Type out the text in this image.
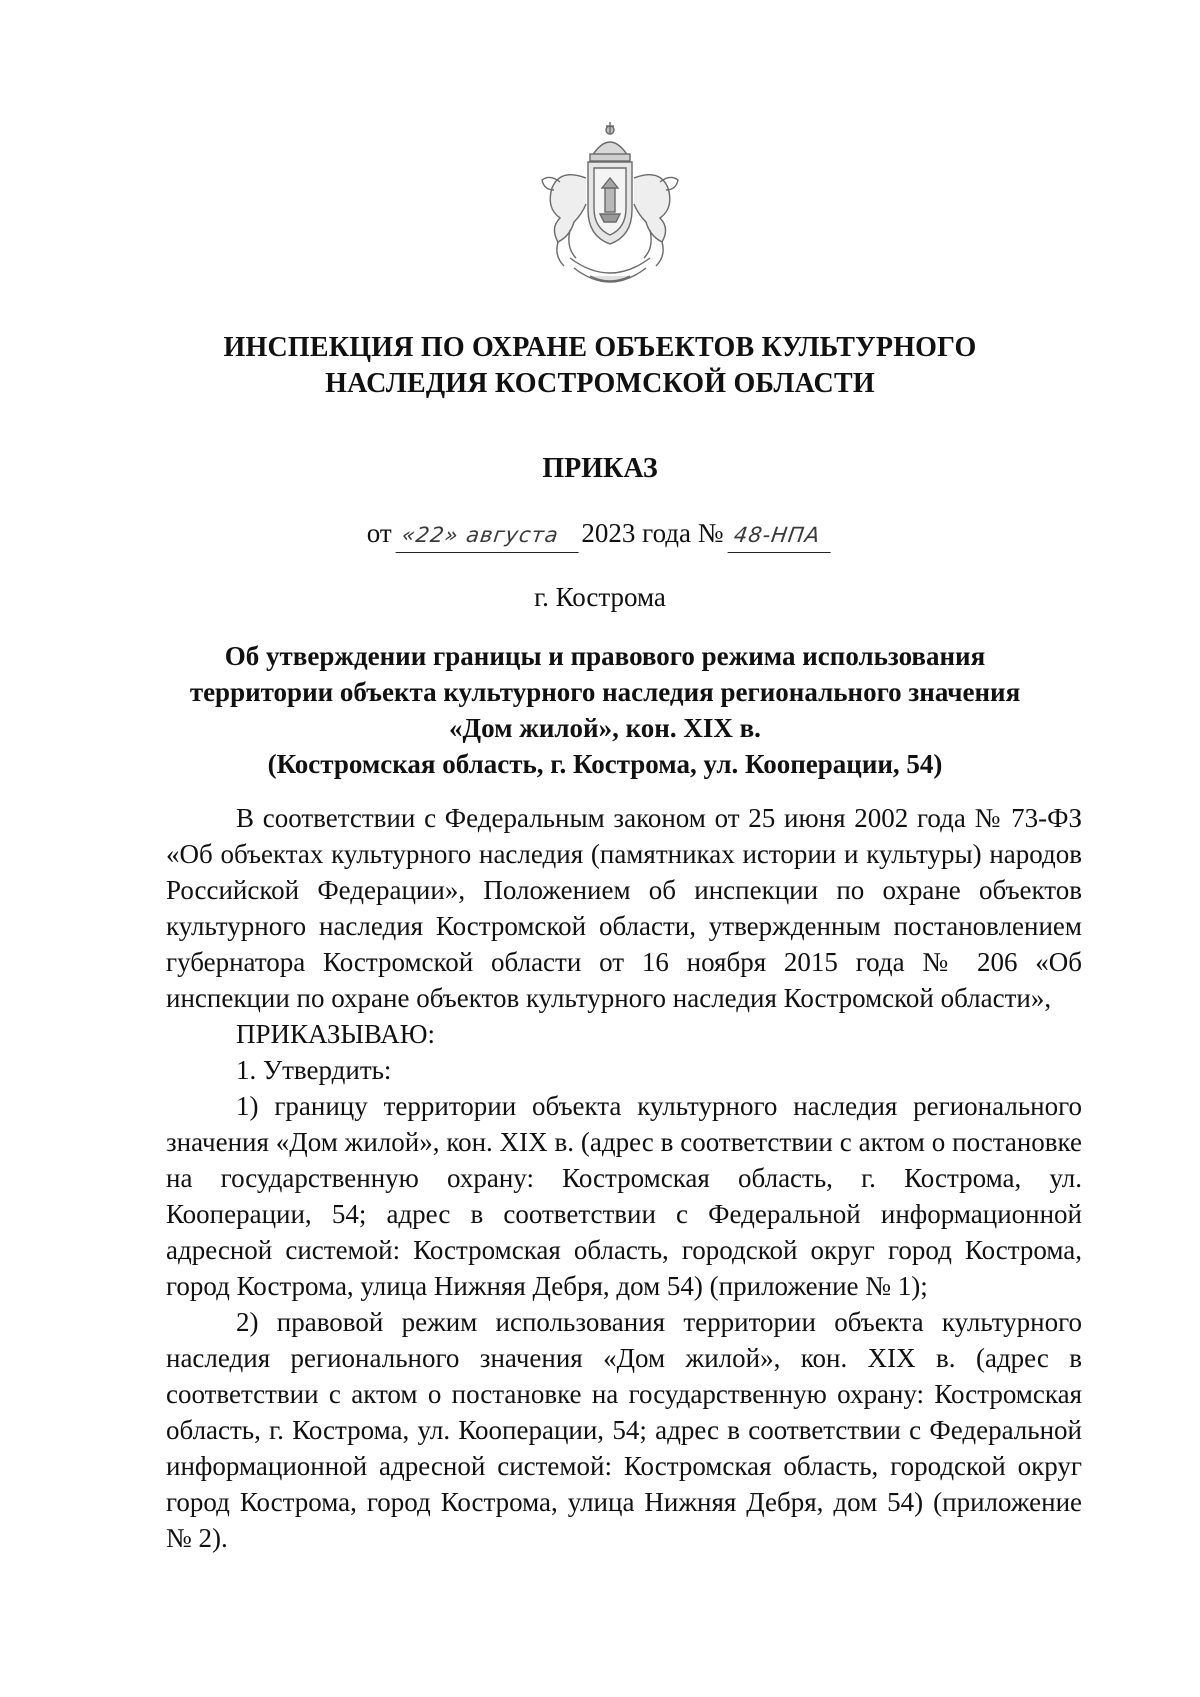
ИНСПЕКЦИЯ ПО ОХРАНЕ ОБЪЕКТОВ КУЛЬТУРНОГО
НАСЛЕДИЯ КОСТРОМСКОЙ ОБЛАСТИ
ПРИКАЗ
от «22» августа 2023 года № 48-НПА
г. Кострома
Об утверждении границы и правового режима использования
территории объекта культурного наследия регионального значения
«Дом жилой», кон. XIX в.
(Костромская область, г. Кострома, ул. Кооперации, 54)

В соответствии с Федеральным законом от 25 июня 2002 года № 73-ФЗ «Об объектах культурного наследия (памятниках истории и культуры) народов Российской Федерации», Положением об инспекции по охране объектов культурного наследия Костромской области, утвержденным постановлением губернатора Костромской области от 16 ноября 2015 года № 206 «Об инспекции по охране объектов культурного наследия Костромской области»,

ПРИКАЗЫВАЮ:

1. Утвердить:

1) границу территории объекта культурного наследия регионального значения «Дом жилой», кон. XIX в. (адрес в соответствии с актом о постановке на государственную охрану: Костромская область, г. Кострома, ул. Кооперации, 54; адрес в соответствии с Федеральной информационной адресной системой: Костромская область, городской округ город Кострома, город Кострома, улица Нижняя Дебря, дом 54) (приложение № 1);

2) правовой режим использования территории объекта культурного наследия регионального значения «Дом жилой», кон. XIX в. (адрес в соответствии с актом о постановке на государственную охрану: Костромская область, г. Кострома, ул. Кооперации, 54; адрес в соответствии с Федеральной информационной адресной системой: Костромская область, городской округ город Кострома, город Кострома, улица Нижняя Дебря, дом 54) (приложение № 2).
